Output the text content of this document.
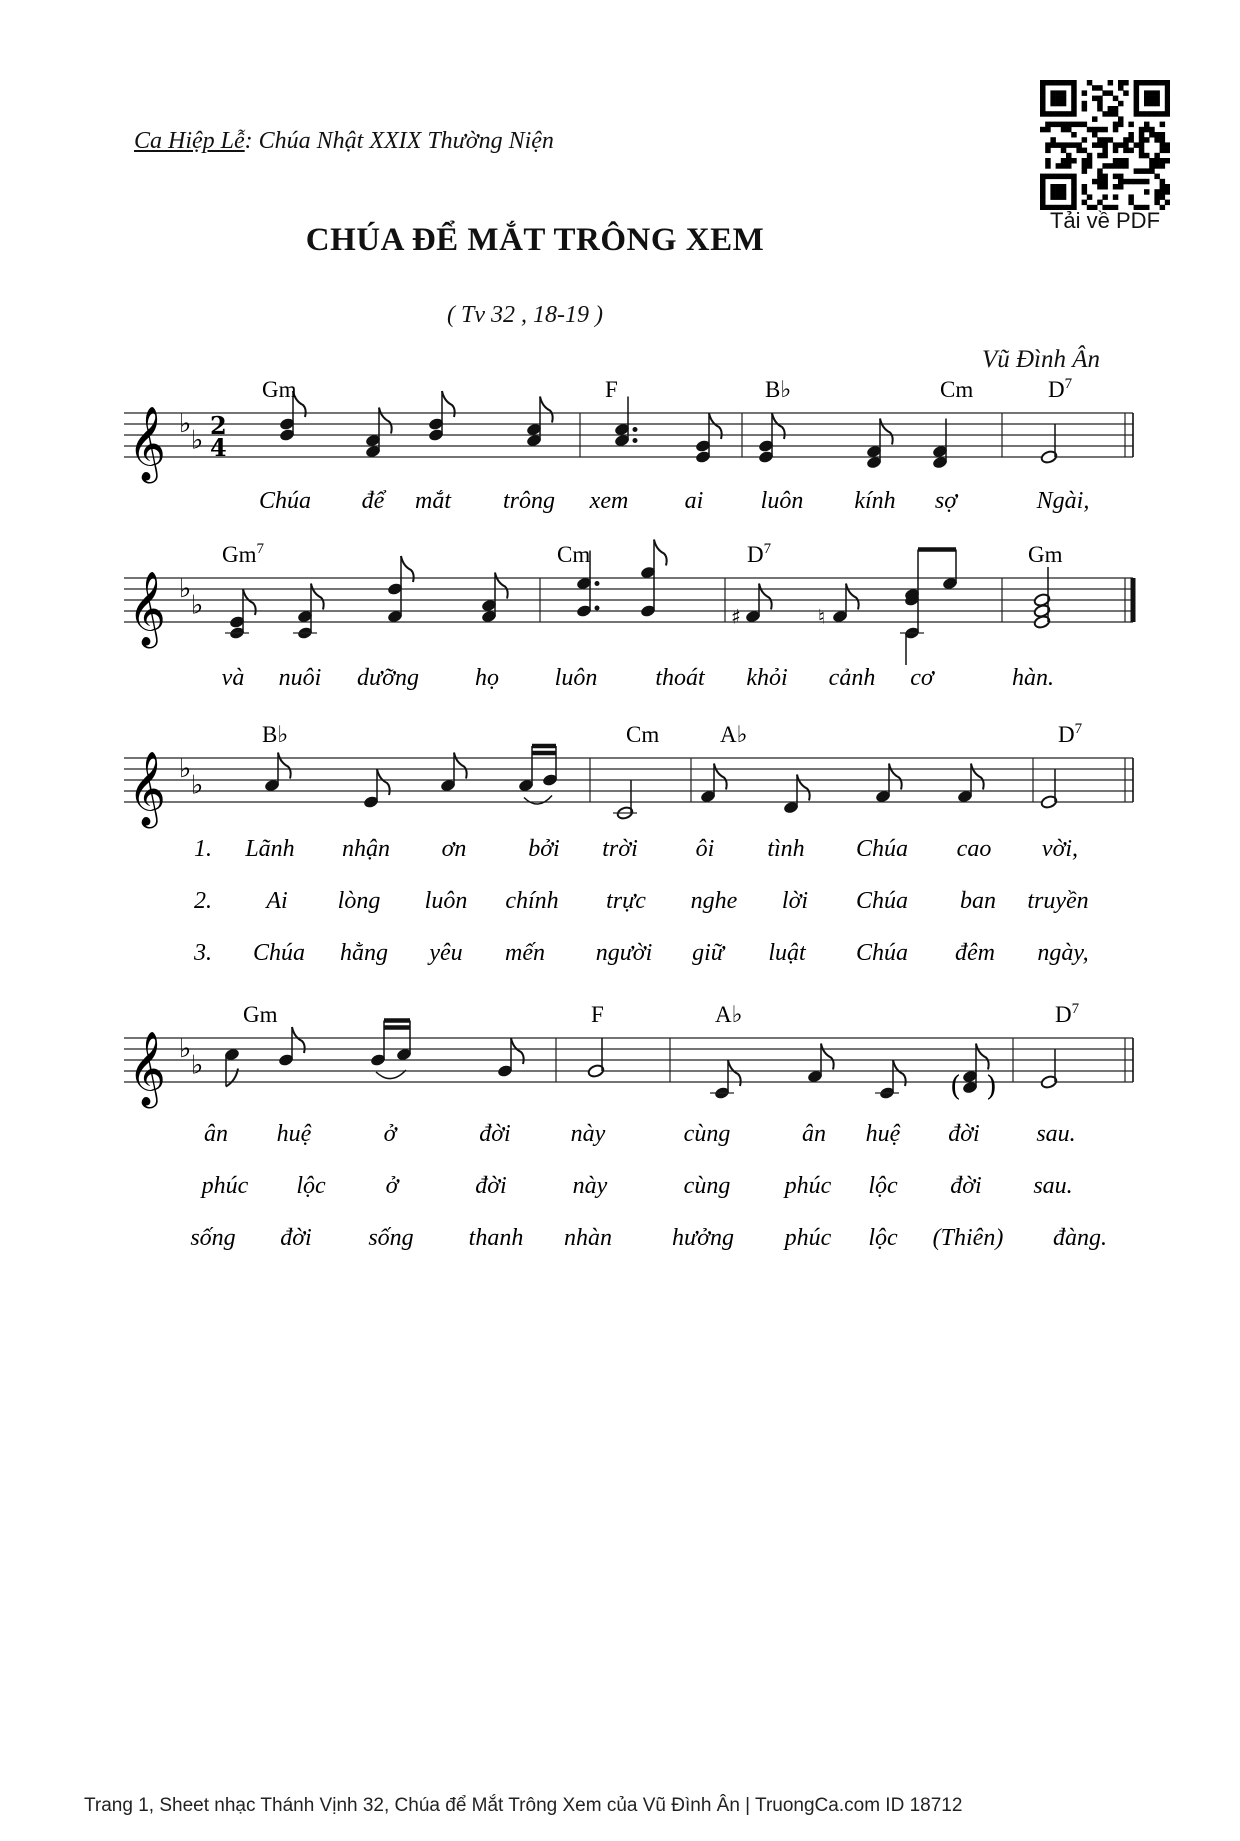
Ca Hiệp Lễ: Chúa Nhật XXIX Thường Niện
CHÚA ĐỂ MẮT TRÔNG XEM
( Tv 32 , 18-19 )
Vũ Đình Ân
Tải về PDF
𝄞 ♭
♭ 2
4
Gm	F	B♭	Cm	$D^7$
Chúa để mắt trông xem ai luôn kính sợ	Ngài,
𝄞 ♭
♭	♯	♮
Gm$^7$	Cm	$D^7$	Gm
và nuôi dưỡng họ luôn thoát khỏi cảnh cơ	hàn.
𝄞 ♭
♭
B♭	Cm	A♭	$D^7$
1. Lãnh nhận ơn	bởi trời ôi tình Chúa cao vời,
2. Ai lòng luôn chính trực nghe lời Chúa ban truyền
3. Chúa hằng yêu mến người giữ luật Chúa đêm ngày,
𝄞 ♭
♭
( )
Gm	F	A♭	$D^7$
ân huệ	ở	đời này	cùng	ân huệ đời sau.
phúc lộc ở	đời	này	cùng phúc lộc đời sau.
sống đời sống thanh nhàn	hưởng phúc lộc (Thiên) đàng.
Trang 1, Sheet nhạc Thánh Vịnh 32, Chúa để Mắt Trông Xem của Vũ Đình Ân | TruongCa.com ID 18712
